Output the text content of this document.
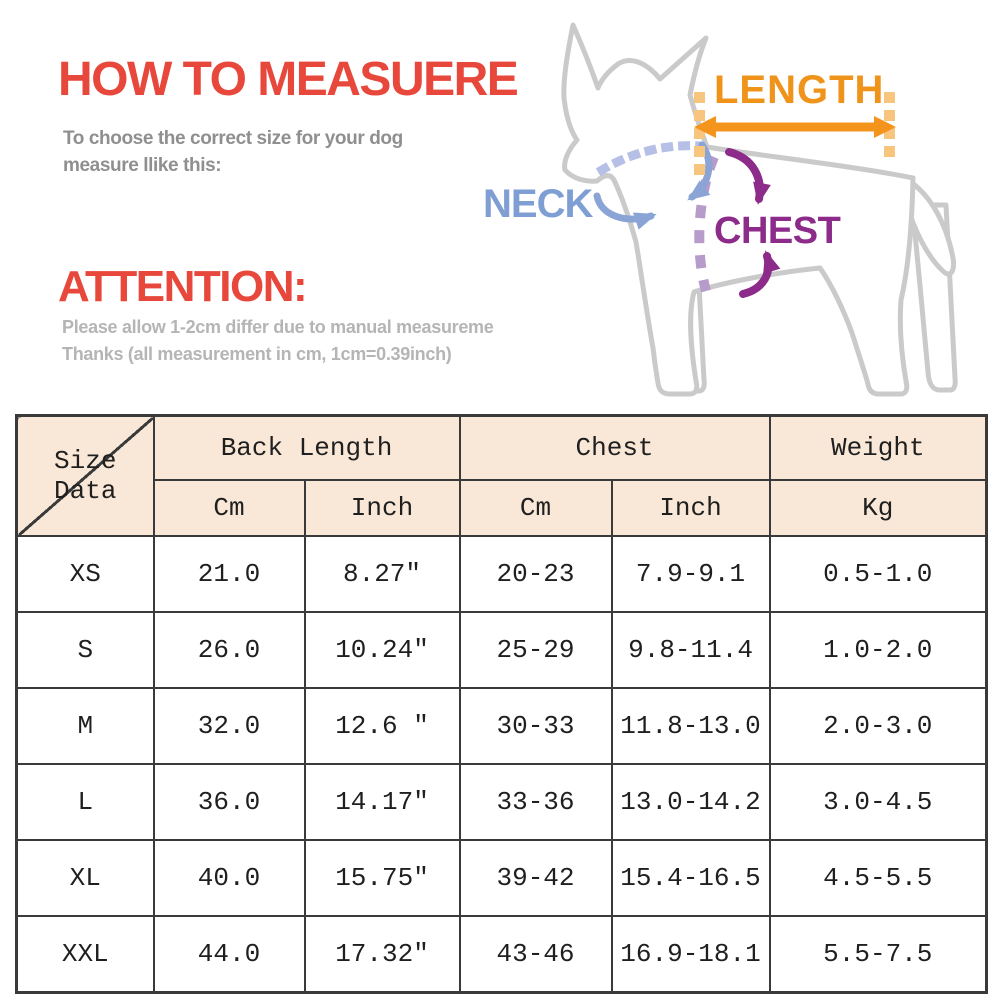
HOW TO MEASUERE
To choose the correct size for your dog
measure llike this:
ATTENTION:
Please allow 1-2cm differ due to manual measureme
Thanks (all measurement in cm, 1cm=0.39inch)
LENGTH
NECK
CHEST
Size Data	Back Length		Chest		Weight
	Cm	Inch	Cm	Inch	Kg
XS	21.0	8.27″	20-23	7.9-9.1	0.5-1.0
S	26.0	10.24″	25-29	9.8-11.4	1.0-2.0
M	32.0	12.6 ″	30-33	11.8-13.0	2.0-3.0
L	36.0	14.17″	33-36	13.0-14.2	3.0-4.5
XL	40.0	15.75″	39-42	15.4-16.5	4.5-5.5
XXL	44.0	17.32″	43-46	16.9-18.1	5.5-7.5
